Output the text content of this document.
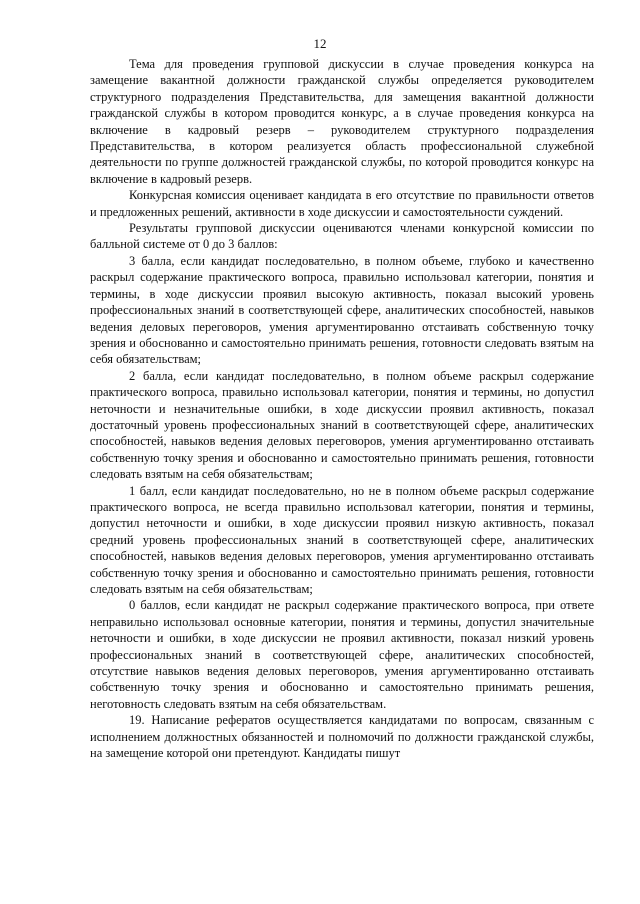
12

Тема для проведения групповой дискуссии в случае проведения конкурса на замещение вакантной должности гражданской службы определяется руководителем структурного подразделения Представительства, для замещения вакантной должности гражданской службы в котором проводится конкурс, а в случае проведения конкурса на включение в кадровый резерв – руководителем структурного подразделения Представительства, в котором реализуется область профессиональной служебной деятельности по группе должностей гражданской службы, по которой проводится конкурс на включение в кадровый резерв.

Конкурсная комиссия оценивает кандидата в его отсутствие по правильности ответов и предложенных решений, активности в ходе дискуссии и самостоятельности суждений.

Результаты групповой дискуссии оцениваются членами конкурсной комиссии по балльной системе от 0 до 3 баллов:

3 балла, если кандидат последовательно, в полном объеме, глубоко и качественно раскрыл содержание практического вопроса, правильно использовал категории, понятия и термины, в ходе дискуссии проявил высокую активность, показал высокий уровень профессиональных знаний в соответствующей сфере, аналитических способностей, навыков ведения деловых переговоров, умения аргументированно отстаивать собственную точку зрения и обоснованно и самостоятельно принимать решения, готовности следовать взятым на себя обязательствам;

2 балла, если кандидат последовательно, в полном объеме раскрыл содержание практического вопроса, правильно использовал категории, понятия и термины, но допустил неточности и незначительные ошибки, в ходе дискуссии проявил активность, показал достаточный уровень профессиональных знаний в соответствующей сфере, аналитических способностей, навыков ведения деловых переговоров, умения аргументированно отстаивать собственную точку зрения и обоснованно и самостоятельно принимать решения, готовности следовать взятым на себя обязательствам;

1 балл, если кандидат последовательно, но не в полном объеме раскрыл содержание практического вопроса, не всегда правильно использовал категории, понятия и термины, допустил неточности и ошибки, в ходе дискуссии проявил низкую активность, показал средний уровень профессиональных знаний в соответствующей сфере, аналитических способностей, навыков ведения деловых переговоров, умения аргументированно отстаивать собственную точку зрения и обоснованно и самостоятельно принимать решения, готовности следовать взятым на себя обязательствам;

0 баллов, если кандидат не раскрыл содержание практического вопроса, при ответе неправильно использовал основные категории, понятия и термины, допустил значительные неточности и ошибки, в ходе дискуссии не проявил активности, показал низкий уровень профессиональных знаний в соответствующей сфере, аналитических способностей, отсутствие навыков ведения деловых переговоров, умения аргументированно отстаивать собственную точку зрения и обоснованно и самостоятельно принимать решения, неготовность следовать взятым на себя обязательствам.

19. Написание рефератов осуществляется кандидатами по вопросам, связанным с исполнением должностных обязанностей и полномочий по должности гражданской службы, на замещение которой они претендуют. Кандидаты пишут
